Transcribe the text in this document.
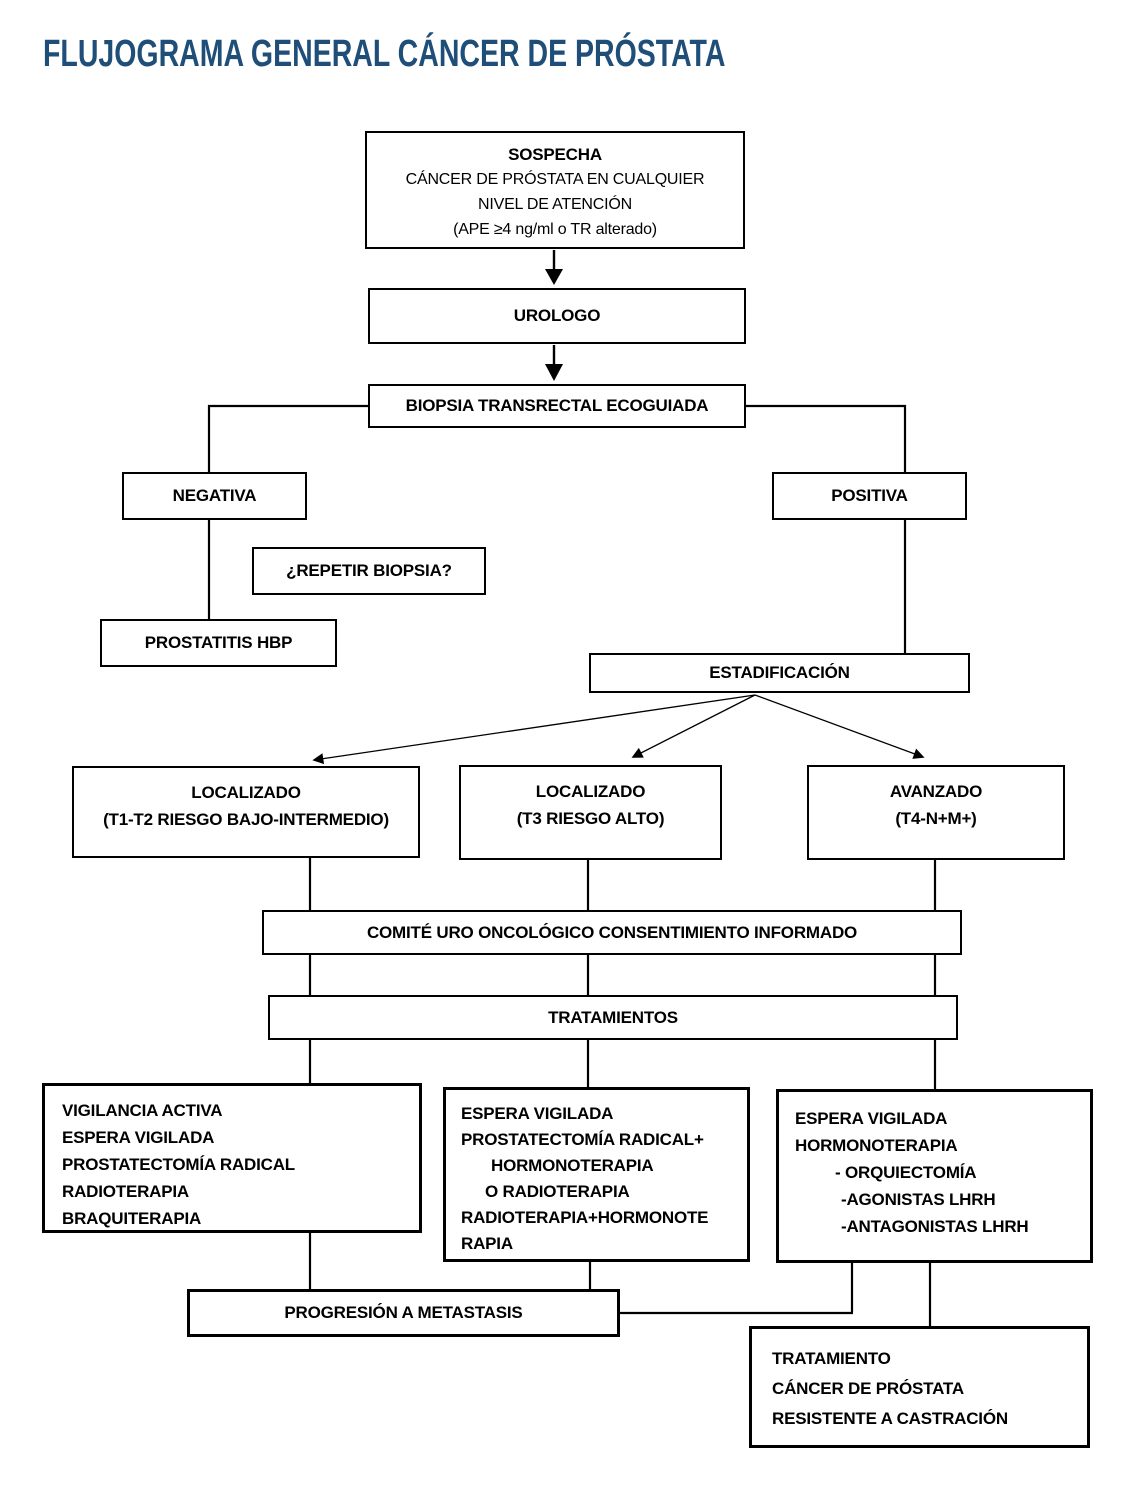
FLUJOGRAMA GENERAL CÁNCER DE PRÓSTATA
SOSPECHA
CÁNCER DE PRÓSTATA EN CUALQUIER
NIVEL DE ATENCIÓN
(APE ≥4 ng/ml o TR alterado)
UROLOGO
BIOPSIA TRANSRECTAL ECOGUIADA
NEGATIVA
¿REPETIR BIOPSIA?
PROSTATITIS HBP
POSITIVA
ESTADIFICACIÓN
LOCALIZADO
(T1-T2 RIESGO BAJO-INTERMEDIO)
LOCALIZADO
(T3 RIESGO ALTO)
AVANZADO
(T4-N+M+)
COMITÉ URO ONCOLÓGICO CONSENTIMIENTO INFORMADO
TRATAMIENTOS
VIGILANCIA ACTIVA
ESPERA VIGILADA
PROSTATECTOMÍA RADICAL
RADIOTERAPIA
BRAQUITERAPIA
ESPERA VIGILADA
PROSTATECTOMÍA RADICAL+
HORMONOTERAPIA
O RADIOTERAPIA
RADIOTERAPIA+HORMONOTE
RAPIA
ESPERA VIGILADA
HORMONOTERAPIA
- ORQUIECTOMÍA
-AGONISTAS LHRH
-ANTAGONISTAS LHRH
PROGRESIÓN A METASTASIS
TRATAMIENTO
CÁNCER DE PRÓSTATA
RESISTENTE A CASTRACIÓN
